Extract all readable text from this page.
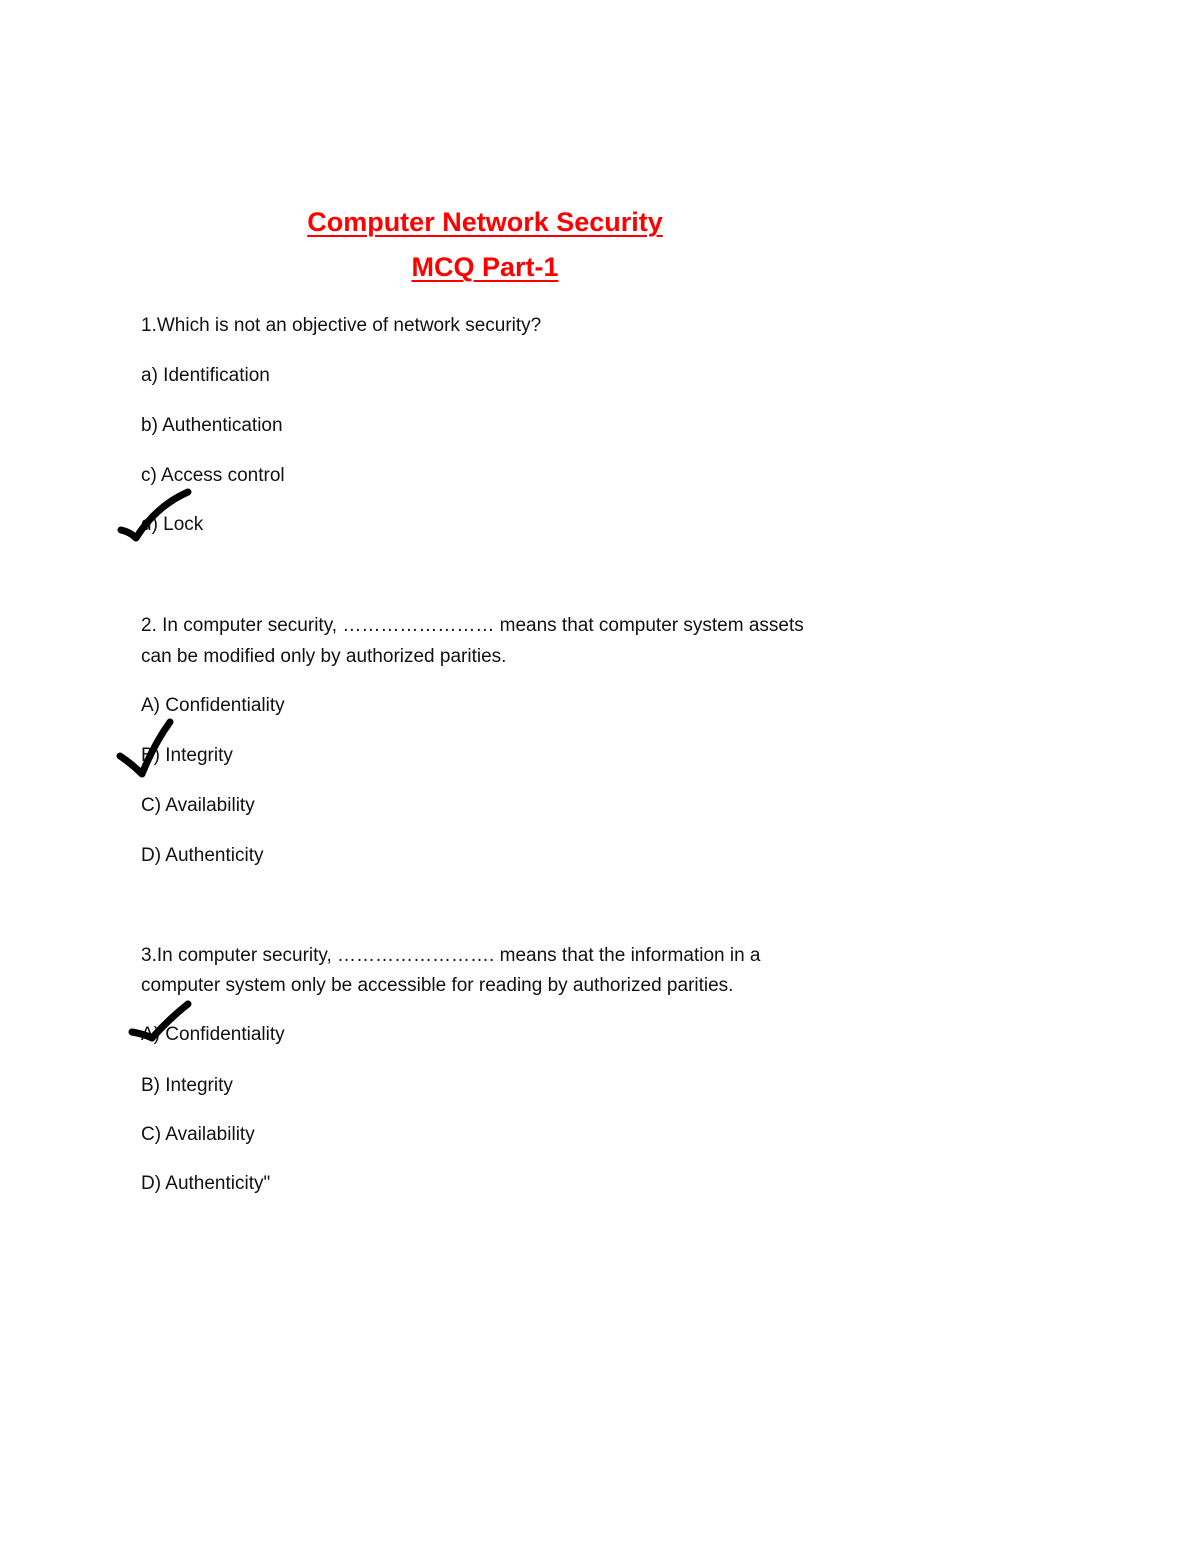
Computer Network Security
MCQ Part-1

1.Which is not an objective of network security?

a) Identification

b) Authentication

c) Access control

d) Lock

2. In computer security, …………………… means that computer system assets

can be modified only by authorized parities.

A) Confidentiality

B) Integrity

C) Availability

D) Authenticity

3.In computer security, ……………………. means that the information in a

computer system only be accessible for reading by authorized parities.

A) Confidentiality

B) Integrity

C) Availability

D) Authenticity"
